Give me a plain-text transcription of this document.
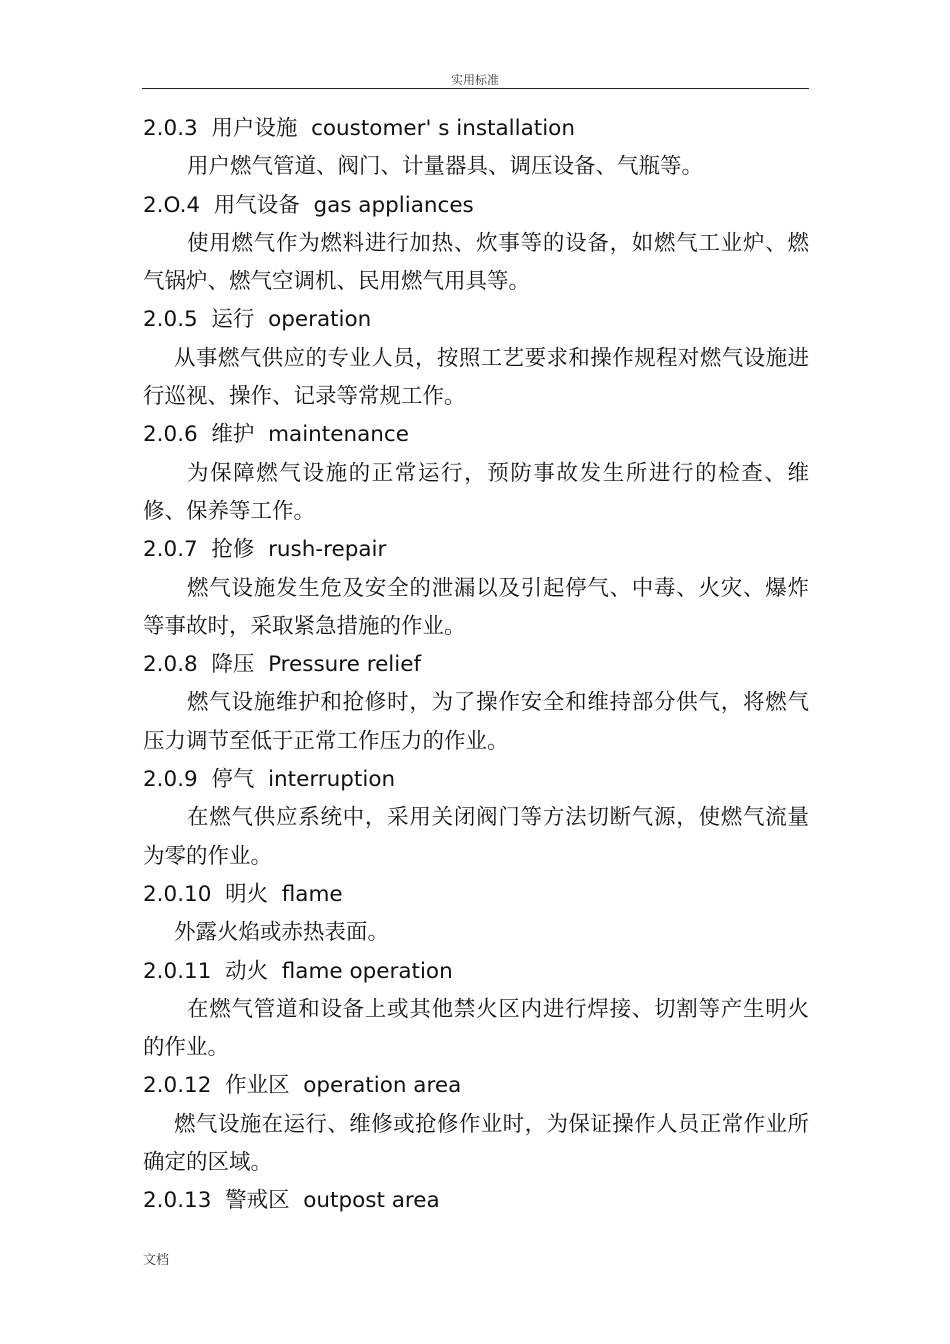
实用标准
2.0.3 用户设施 coustomer' s installation
用户燃气管道、阀门、计量器具、调压设备、气瓶等。
2.O.4 用气设备 gas appliances
使用燃气作为燃料进行加热、炊事等的设备，如燃气工业炉、燃气锅炉、燃气空调机、民用燃气用具等。
2.0.5 运行 operation
从事燃气供应的专业人员，按照工艺要求和操作规程对燃气设施进行巡视、操作、记录等常规工作。
2.0.6 维护 maintenance
为保障燃气设施的正常运行，预防事故发生所进行的检查、维修、保养等工作。
2.0.7 抢修 rush-repair
燃气设施发生危及安全的泄漏以及引起停气、中毒、火灾、爆炸等事故时，采取紧急措施的作业。
2.0.8 降压 Pressure relief
燃气设施维护和抢修时，为了操作安全和维持部分供气，将燃气压力调节至低于正常工作压力的作业。
2.0.9 停气 interruption
在燃气供应系统中，采用关闭阀门等方法切断气源，使燃气流量为零的作业。
2.0.10 明火 flame
外露火焰或赤热表面。
2.0.11 动火 flame operation
在燃气管道和设备上或其他禁火区内进行焊接、切割等产生明火的作业。
2.0.12 作业区 operation area
燃气设施在运行、维修或抢修作业时，为保证操作人员正常作业所确定的区域。
2.0.13 警戒区 outpost area
文档
